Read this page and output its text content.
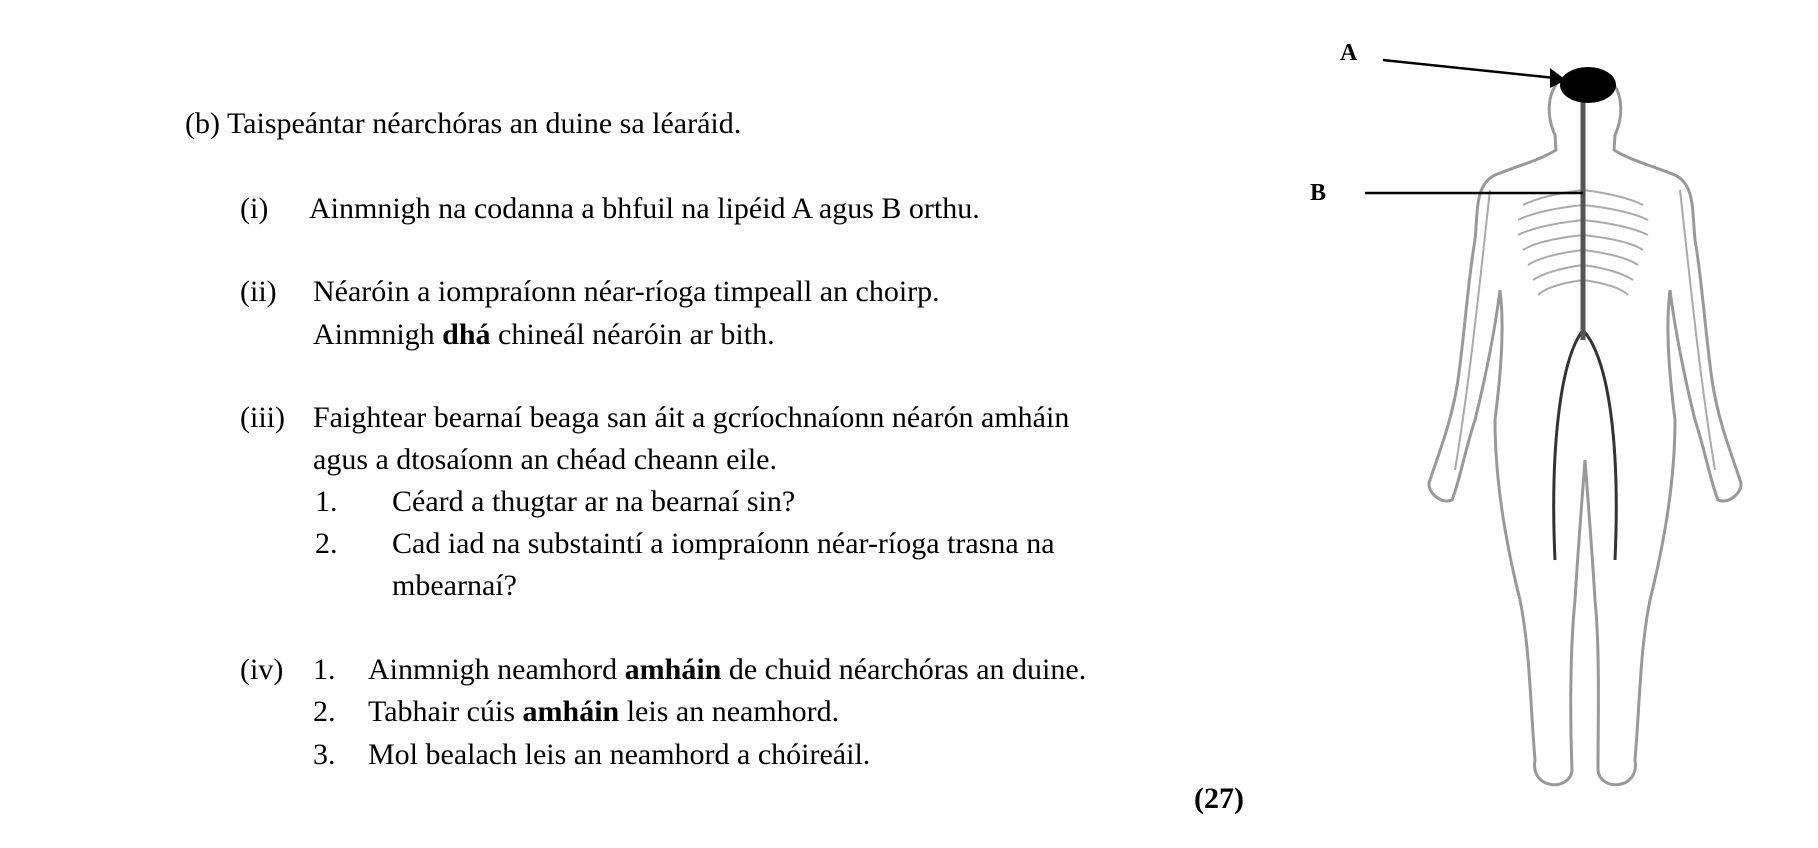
(b) Taispeántar néarchóras an duine sa léaráid.
(i) Ainmnigh na codanna a bhfuil na lipéid A agus B orthu.
(ii) Néaróin a iompraíonn néar-ríoga timpeall an choirp.
Ainmnigh dhá chineál néaróin ar bith.
(iii) Faightear bearnaí beaga san áit a gcríochnaíonn néarón amháin
agus a dtosaíonn an chéad cheann eile.
1. Céard a thugtar ar na bearnaí sin?
2. Cad iad na substaintí a iompraíonn néar-ríoga trasna na
mbearnaí?
(iv) 1. Ainmnigh neamhord amháin de chuid néarchóras an duine.
2. Tabhair cúis amháin leis an neamhord.
3. Mol bealach leis an neamhord a chóireáil.
(27)
A
B
